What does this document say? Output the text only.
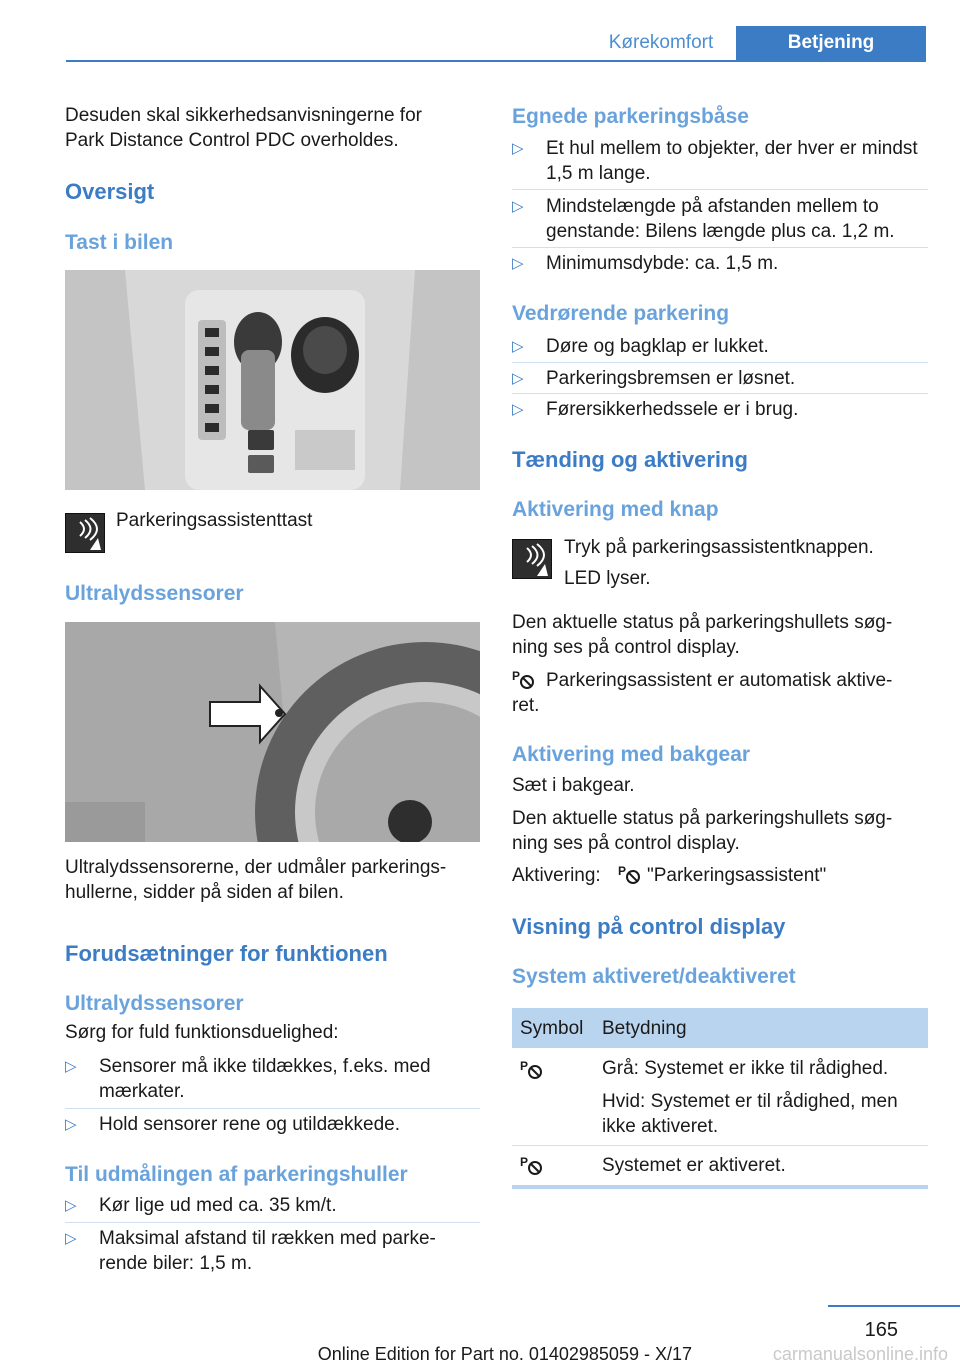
Kørekomfort	Betjening

Desuden skal sikkerhedsanvisningerne for Park Distance Control PDC overholdes.

Oversigt

Tast i bilen

Parkeringsassistenttast

Ultralydssensorer

Ultralydssensorerne, der udmåler parkerings-hullerne, sidder på siden af bilen.

Forudsætninger for funktionen

Ultralydssensorer

Sørg for fuld funktionsduelighed:

▷ Sensorer må ikke tildækkes, f.eks. med mærkater.
▷ Hold sensorer rene og utildækkede.

Til udmålingen af parkeringshuller

▷ Kør lige ud med ca. 35 km/t.
▷ Maksimal afstand til rækken med parke-rende biler: 1,5 m.

Egnede parkeringsbåse

▷ Et hul mellem to objekter, der hver er mindst 1,5 m lange.
▷ Mindstelængde på afstanden mellem to genstande: Bilens længde plus ca. 1,2 m.
▷ Minimumsdybde: ca. 1,5 m.

Vedrørende parkering

▷ Døre og bagklap er lukket.
▷ Parkeringsbremsen er løsnet.
▷ Førersikkerhedssele er i brug.

Tænding og aktivering

Aktivering med knap

Tryk på parkeringsassistentknappen.

LED lyser.

Den aktuelle status på parkeringshullets søg-ning ses på control display.

P	Parkeringsassistent er automatisk aktive-ret.

Aktivering med bakgear

Sæt i bakgear.

Den aktuelle status på parkeringshullets søg-ning ses på control display.

Aktivering: P "Parkeringsassistent"

Visning på control display

System aktiveret/deaktiveret

Symbol Betydning
P	Grå: Systemet er ikke til rådighed.

Hvid: Systemet er til rådighed, men ikke aktiveret.

P	Systemet er aktiveret.

165
Online Edition for Part no. 01402985059 - X/17	carmanualsonline.info
